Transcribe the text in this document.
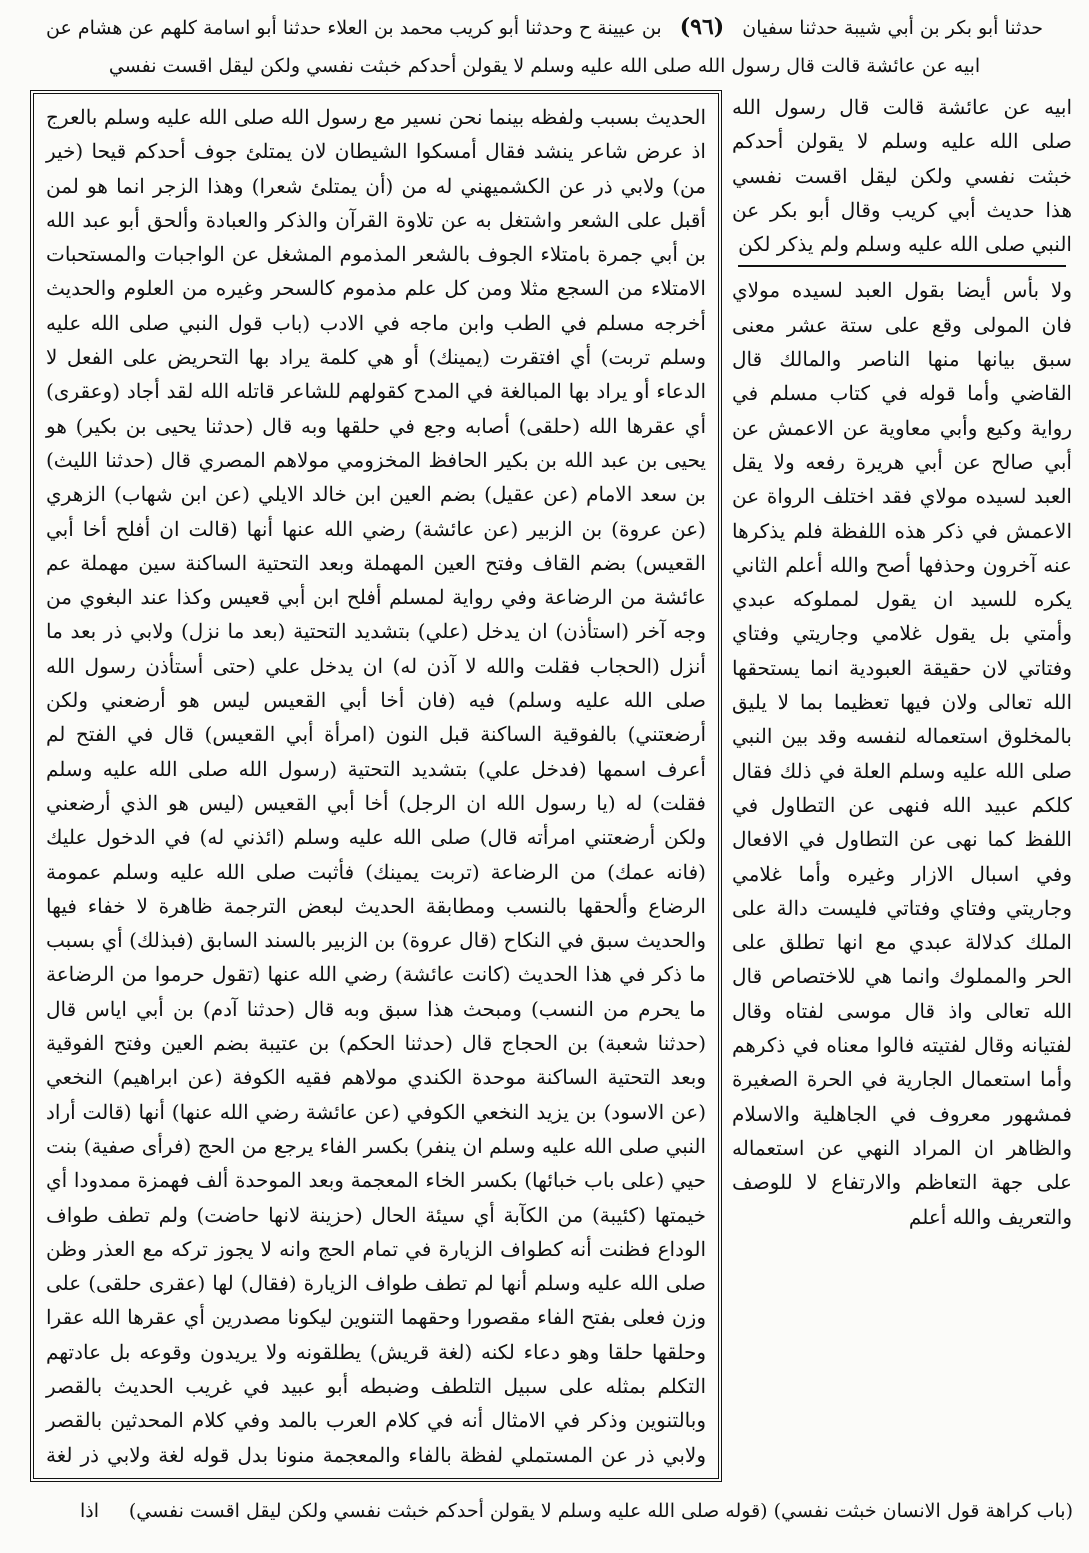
حدثنا أبو بكر بن أبي شيبة حدثنا سفيان (٩٦) بن عيينة ح وحدثنا أبو كريب محمد بن العلاء حدثنا أبو اسامة كلهم عن هشام عن
ابيه عن عائشة قالت قال رسول الله صلى الله عليه وسلم لا يقولن أحدكم خبثت نفسي ولكن ليقل اقست نفسي
الحديث بسبب ولفظه بينما نحن نسير مع رسول الله صلى الله عليه وسلم بالعرج اذ عرض شاعر ينشد فقال أمسكوا الشيطان لان يمتلئ جوف أحدكم قيحا (خير من) ولابي ذر عن الكشميهني له من (أن يمتلئ شعرا) وهذا الزجر انما هو لمن أقبل على الشعر واشتغل به عن تلاوة القرآن والذكر والعبادة وألحق أبو عبد الله بن أبي جمرة بامتلاء الجوف بالشعر المذموم المشغل عن الواجبات والمستحبات الامتلاء من السجع مثلا ومن كل علم مذموم كالسحر وغيره من العلوم والحديث أخرجه مسلم في الطب وابن ماجه في الادب (باب قول النبي صلى الله عليه وسلم تربت) أي افتقرت (يمينك) أو هي كلمة يراد بها التحريض على الفعل لا الدعاء أو يراد بها المبالغة في المدح كقولهم للشاعر قاتله الله لقد أجاد (وعقرى) أي عقرها الله (حلقى) أصابه وجع في حلقها وبه قال (حدثنا يحيى بن بكير) هو يحيى بن عبد الله بن بكير الحافظ المخزومي مولاهم المصري قال (حدثنا الليث) بن سعد الامام (عن عقيل) بضم العين ابن خالد الايلي (عن ابن شهاب) الزهري (عن عروة) بن الزبير (عن عائشة) رضي الله عنها أنها (قالت ان أفلح أخا أبي القعيس) بضم القاف وفتح العين المهملة وبعد التحتية الساكنة سين مهملة عم عائشة من الرضاعة وفي رواية لمسلم أفلح ابن أبي قعيس وكذا عند البغوي من وجه آخر (استأذن) ان يدخل (علي) بتشديد التحتية (بعد ما نزل) ولابي ذر بعد ما أنزل (الحجاب فقلت والله لا آذن له) ان يدخل علي (حتى أستأذن رسول الله صلى الله عليه وسلم) فيه (فان أخا أبي القعيس ليس هو أرضعني ولكن أرضعتني) بالفوقية الساكنة قبل النون (امرأة أبي القعيس) قال في الفتح لم أعرف اسمها (فدخل علي) بتشديد التحتية (رسول الله صلى الله عليه وسلم فقلت) له (يا رسول الله ان الرجل) أخا أبي القعيس (ليس هو الذي أرضعني ولكن أرضعتني امرأته قال) صلى الله عليه وسلم (ائذني له) في الدخول عليك (فانه عمك) من الرضاعة (تربت يمينك) فأثبت صلى الله عليه وسلم عمومة الرضاع وألحقها بالنسب ومطابقة الحديث لبعض الترجمة ظاهرة لا خفاء فيها والحديث سبق في النكاح (قال عروة) بن الزبير بالسند السابق (فبذلك) أي بسبب ما ذكر في هذا الحديث (كانت عائشة) رضي الله عنها (تقول حرموا من الرضاعة ما يحرم من النسب) ومبحث هذا سبق وبه قال (حدثنا آدم) بن أبي اياس قال (حدثنا شعبة) بن الحجاج قال (حدثنا الحكم) بن عتيبة بضم العين وفتح الفوقية وبعد التحتية الساكنة موحدة الكندي مولاهم فقيه الكوفة (عن ابراهيم) النخعي (عن الاسود) بن يزيد النخعي الكوفي (عن عائشة رضي الله عنها) أنها (قالت أراد النبي صلى الله عليه وسلم ان ينفر) بكسر الفاء يرجع من الحج (فرأى صفية) بنت حيي (على باب خبائها) بكسر الخاء المعجمة وبعد الموحدة ألف فهمزة ممدودا أي خيمتها (كئيبة) من الكآبة أي سيئة الحال (حزينة لانها حاضت) ولم تطف طواف الوداع فظنت أنه كطواف الزيارة في تمام الحج وانه لا يجوز تركه مع العذر وظن صلى الله عليه وسلم أنها لم تطف طواف الزيارة (فقال) لها (عقرى حلقى) على وزن فعلى بفتح الفاء مقصورا وحقهما التنوين ليكونا مصدرين أي عقرها الله عقرا وحلقها حلقا وهو دعاء لكنه (لغة قريش) يطلقونه ولا يريدون وقوعه بل عادتهم التكلم بمثله على سبيل التلطف وضبطه أبو عبيد في غريب الحديث بالقصر وبالتنوين وذكر في الامثال أنه في كلام العرب بالمد وفي كلام المحدثين بالقصر ولابي ذر عن المستملي لفظة بالفاء والمعجمة منونا بدل قوله لغة ولابي ذر لغة
ابيه عن عائشة قالت قال رسول الله صلى الله عليه وسلم لا يقولن أحدكم خبثت نفسي ولكن ليقل اقست نفسي هذا حديث أبي كريب وقال أبو بكر عن النبي صلى الله عليه وسلم ولم يذكر لكن
ولا بأس أيضا بقول العبد لسيده مولاي فان المولى وقع على ستة عشر معنى سبق بيانها منها الناصر والمالك قال القاضي وأما قوله في كتاب مسلم في رواية وكيع وأبي معاوية عن الاعمش عن أبي صالح عن أبي هريرة رفعه ولا يقل العبد لسيده مولاي فقد اختلف الرواة عن الاعمش في ذكر هذه اللفظة فلم يذكرها عنه آخرون وحذفها أصح والله أعلم الثاني يكره للسيد ان يقول لمملوكه عبدي وأمتي بل يقول غلامي وجاريتي وفتاي وفتاتي لان حقيقة العبودية انما يستحقها الله تعالى ولان فيها تعظيما بما لا يليق بالمخلوق استعماله لنفسه وقد بين النبي صلى الله عليه وسلم العلة في ذلك فقال كلكم عبيد الله فنهى عن التطاول في اللفظ كما نهى عن التطاول في الافعال وفي اسبال الازار وغيره وأما غلامي وجاريتي وفتاي وفتاتي فليست دالة على الملك كدلالة عبدي مع انها تطلق على الحر والمملوك وانما هي للاختصاص قال الله تعالى واذ قال موسى لفتاه وقال لفتيانه وقال لفتيته فالوا معناه في ذكرهم وأما استعمال الجارية في الحرة الصغيرة فمشهور معروف في الجاهلية والاسلام والظاهر ان المراد النهي عن استعماله على جهة التعاظم والارتفاع لا للوصف والتعريف والله أعلم
(باب كراهة قول الانسان خبثت نفسي) (قوله صلى الله عليه وسلم لا يقولن أحدكم خبثت نفسي ولكن ليقل اقست نفسي)
اذا
